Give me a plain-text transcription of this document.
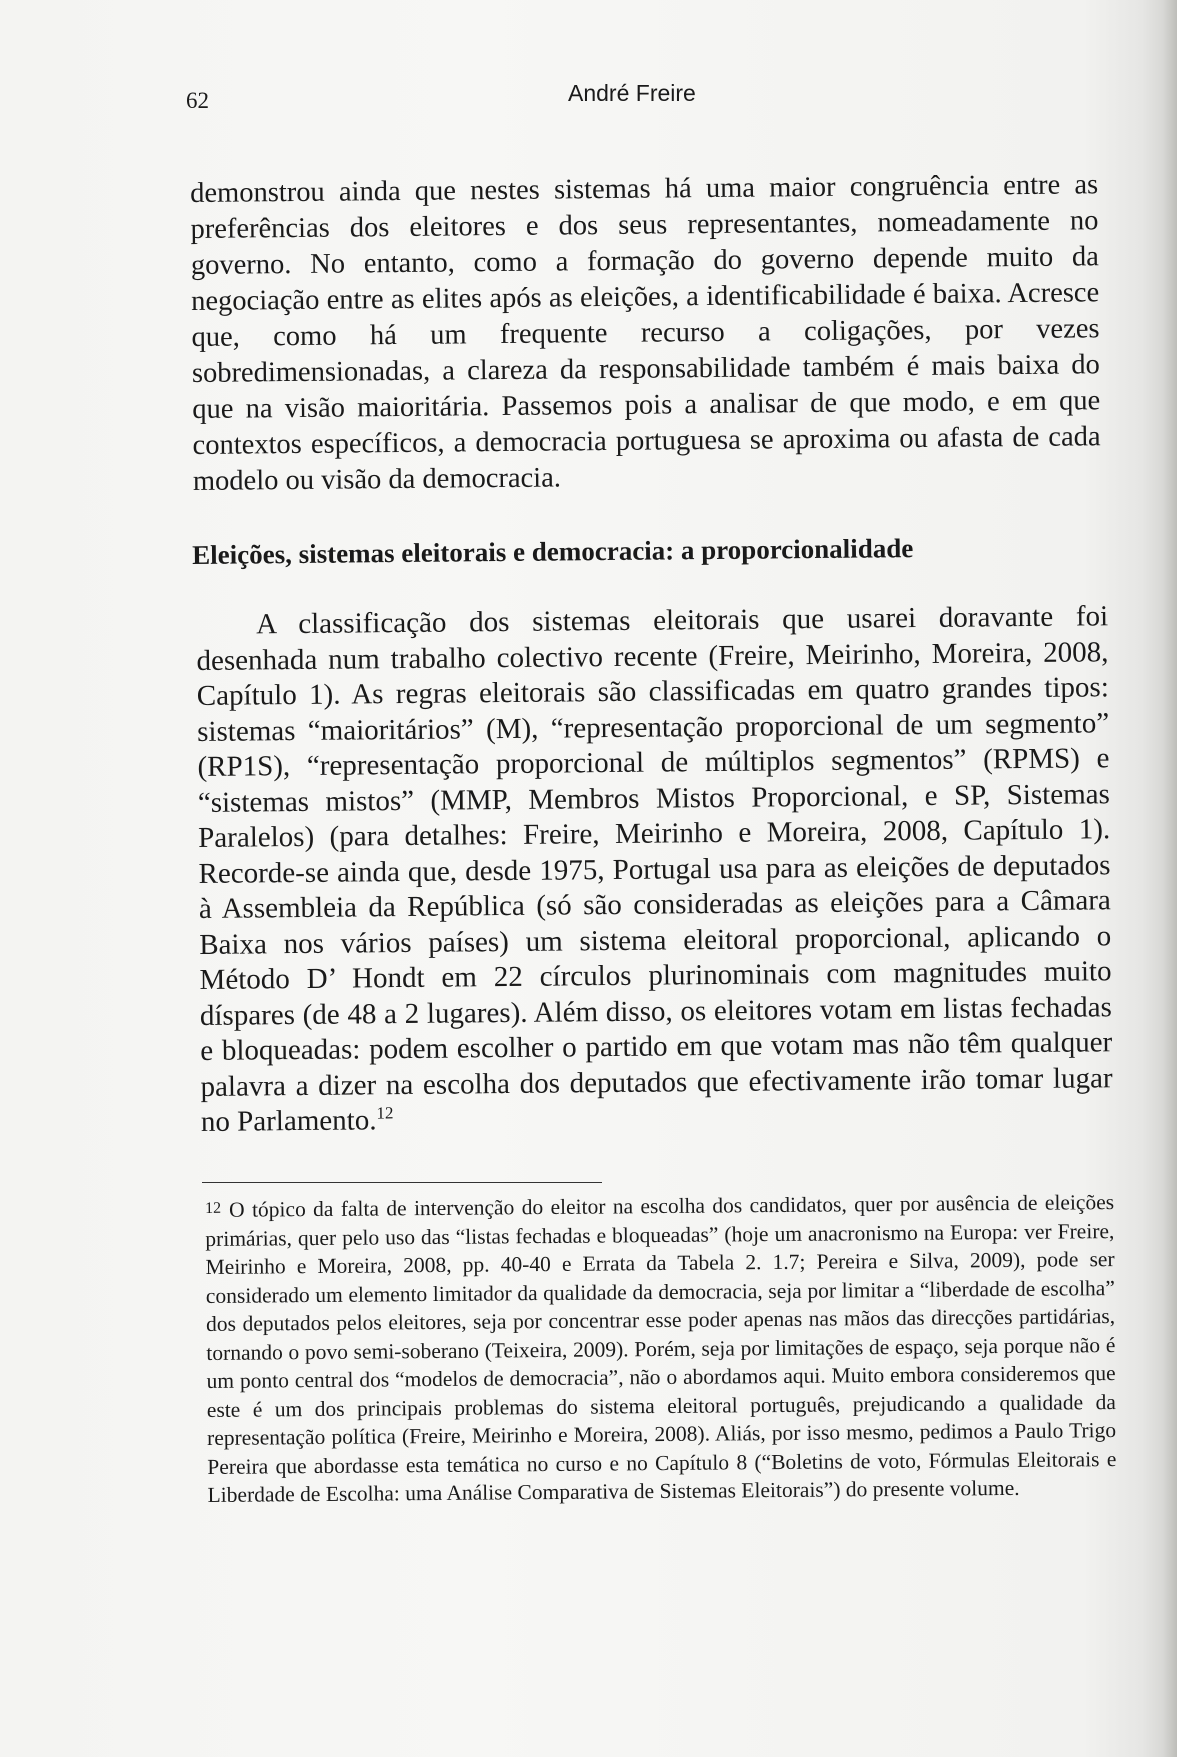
62	André Freire

demonstrou ainda que nestes sistemas há uma maior congruência entre as preferências dos eleitores e dos seus representantes, nomeadamente no governo. No entanto, como a formação do governo depende muito da negociação entre as elites após as eleições, a identificabilidade é baixa. Acresce que, como há um frequente recurso a coligações, por vezes sobredimensionadas, a clareza da responsabilidade também é mais baixa do que na visão maioritária. Passemos pois a analisar de que modo, e em que contextos específicos, a democracia portuguesa se aproxima ou afasta de cada modelo ou visão da democracia.

Eleições, sistemas eleitorais e democracia: a proporcionalidade

A classificação dos sistemas eleitorais que usarei doravante foi desenhada num trabalho colectivo recente (Freire, Meirinho, Moreira, 2008, Capítulo 1). As regras eleitorais são classificadas em quatro grandes tipos: sistemas “maioritários” (M), “representação proporcional de um segmento” (RP1S), “representação proporcional de múltiplos segmentos” (RPMS) e “sistemas mistos” (MMP, Membros Mistos Proporcional, e SP, Sistemas Paralelos) (para detalhes: Freire, Meirinho e Moreira, 2008, Capítulo 1). Recorde-se ainda que, desde 1975, Portugal usa para as eleições de deputados à Assembleia da República (só são consideradas as eleições para a Câmara Baixa nos vários países) um sistema eleitoral proporcional, aplicando o Método D’ Hondt em 22 círculos plurinominais com magnitudes muito díspares (de 48 a 2 lugares). Além disso, os eleitores votam em listas fechadas e bloqueadas: podem escolher o partido em que votam mas não têm qualquer palavra a dizer na escolha dos deputados que efectivamente irão tomar lugar no Parlamento.$^{12}$

12 O tópico da falta de intervenção do eleitor na escolha dos candidatos, quer por ausência de eleições primárias, quer pelo uso das “listas fechadas e bloqueadas” (hoje um anacronismo na Europa: ver Freire, Meirinho e Moreira, 2008, pp. 40-40 e Errata da Tabela 2. 1.7; Pereira e Silva, 2009), pode ser considerado um elemento limitador da qualidade da democracia, seja por limitar a “liberdade de escolha” dos deputados pelos eleitores, seja por concentrar esse poder apenas nas mãos das direcções partidárias, tornando o povo semi-soberano (Teixeira, 2009). Porém, seja por limitações de espaço, seja porque não é um ponto central dos “modelos de democracia”, não o abordamos aqui. Muito embora consideremos que este é um dos principais problemas do sistema eleitoral português, prejudicando a qualidade da representação política (Freire, Meirinho e Moreira, 2008). Aliás, por isso mesmo, pedimos a Paulo Trigo Pereira que abordasse esta temática no curso e no Capítulo 8 (“Boletins de voto, Fórmulas Eleitorais e Liberdade de Escolha: uma Análise Comparativa de Sistemas Eleitorais”) do presente volume.
